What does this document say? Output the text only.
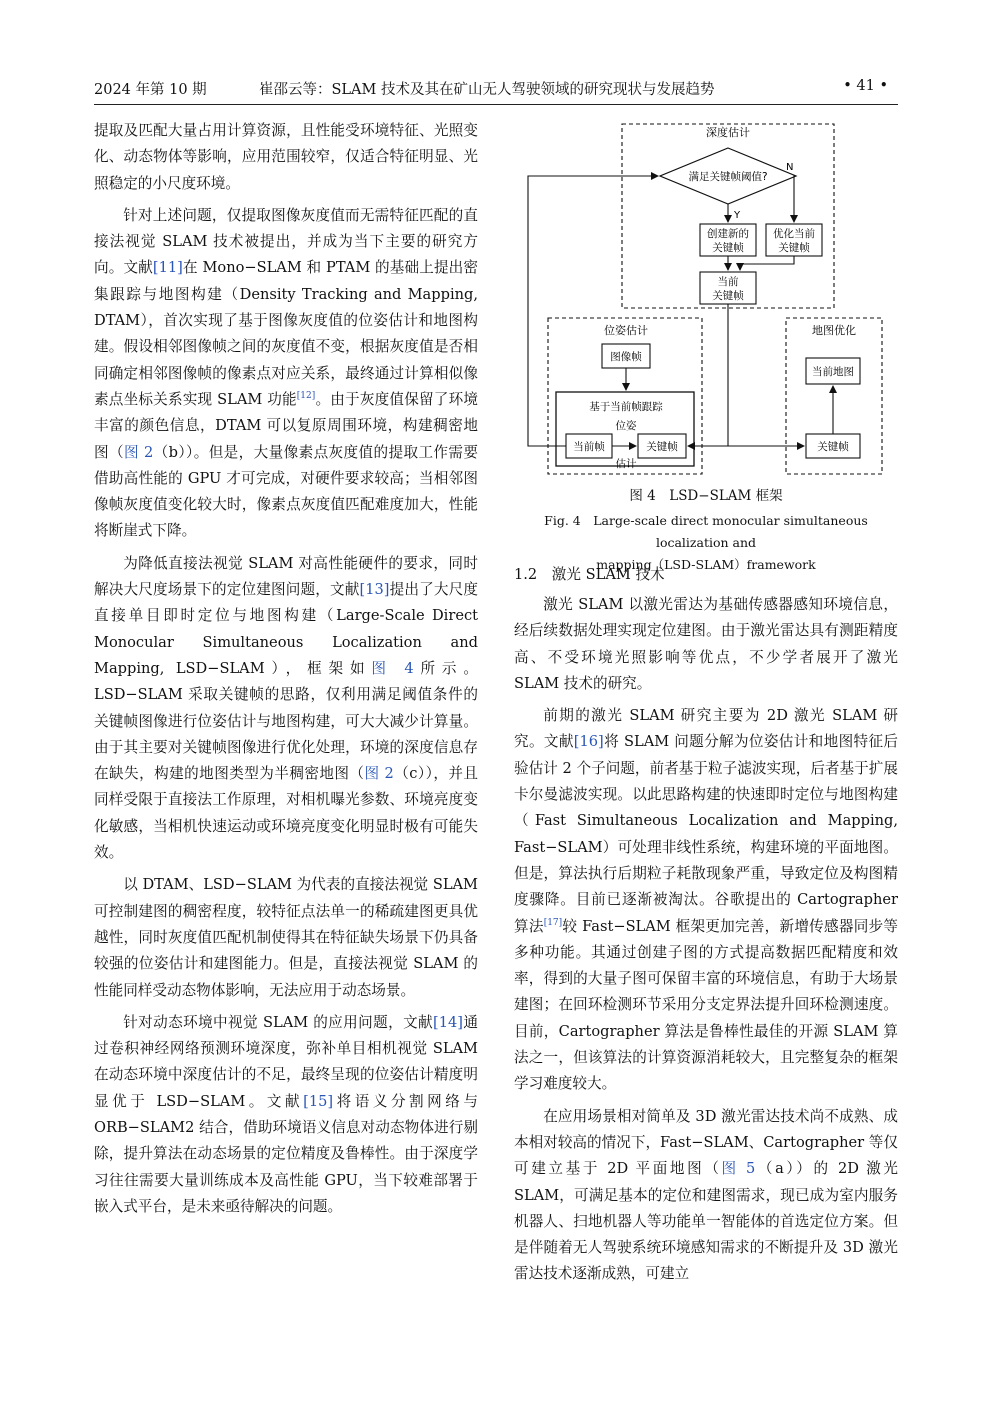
2024 年第 10 期	崔邵云等：SLAM 技术及其在矿山无人驾驶领域的研究现状与发展趋势	• 41 •

提取及匹配大量占用计算资源，且性能受环境特征、光照变化、动态物体等影响，应用范围较窄，仅适合特征明显、光照稳定的小尺度环境。

针对上述问题，仅提取图像灰度值而无需特征匹配的直接法视觉 SLAM 技术被提出，并成为当下主要的研究方向。文献[11]在 Mono−SLAM 和 PTAM 的基础上提出密集跟踪与地图构建（Density Tracking and Mapping, DTAM），首次实现了基于图像灰度值的位姿估计和地图构建。假设相邻图像帧之间的灰度值不变，根据灰度值是否相同确定相邻图像帧的像素点对应关系，最终通过计算相似像素点坐标关系实现 SLAM 功能[12]。由于灰度值保留了环境丰富的颜色信息，DTAM 可以复原周围环境，构建稠密地图（图 2（b））。但是，大量像素点灰度值的提取工作需要借助高性能的 GPU 才可完成，对硬件要求较高；当相邻图像帧灰度值变化较大时，像素点灰度值匹配难度加大，性能将断崖式下降。

为降低直接法视觉 SLAM 对高性能硬件的要求，同时解决大尺度场景下的定位建图问题，文献[13]提出了大尺度直接单目即时定位与地图构建（Large-Scale Direct Monocular Simultaneous Localization and Mapping, LSD−SLAM），框架如图 4所示。LSD−SLAM 采取关键帧的思路，仅利用满足阈值条件的关键帧图像进行位姿估计与地图构建，可大大减少计算量。由于其主要对关键帧图像进行优化处理，环境的深度信息存在缺失，构建的地图类型为半稠密地图（图 2（c）），并且同样受限于直接法工作原理，对相机曝光参数、环境亮度变化敏感，当相机快速运动或环境亮度变化明显时极有可能失效。

以 DTAM、LSD−SLAM 为代表的直接法视觉 SLAM 可控制建图的稠密程度，较特征点法单一的稀疏建图更具优越性，同时灰度值匹配机制使得其在特征缺失场景下仍具备较强的位姿估计和建图能力。但是，直接法视觉 SLAM 的性能同样受动态物体影响，无法应用于动态场景。

针对动态环境中视觉 SLAM 的应用问题，文献[14]通过卷积神经网络预测环境深度，弥补单目相机视觉 SLAM 在动态环境中深度估计的不足，最终呈现的位姿估计精度明显优于 LSD−SLAM。文献[15]将语义分割网络与 ORB−SLAM2 结合，借助环境语义信息对动态物体进行剔除，提升算法在动态场景的定位精度及鲁棒性。由于深度学习往往需要大量训练成本及高性能 GPU，当下较难部署于嵌入式平台，是未来亟待解决的问题。

深度估计
位姿估计	地图优化
满足关键帧阈值?
N
Y
创建新的
关键帧
优化当前
关键帧
当前
关键帧
图像帧
基于当前帧跟踪
位姿
估计
当前帧	关键帧
当前地图
关键帧
图 4　LSD−SLAM 框架
Fig. 4　Large-scale direct monocular simultaneous localization and
mapping（LSD-SLAM）framework
1.2　激光 SLAM 技术

激光 SLAM 以激光雷达为基础传感器感知环境信息，经后续数据处理实现定位建图。由于激光雷达具有测距精度高、不受环境光照影响等优点，不少学者展开了激光 SLAM 技术的研究。

前期的激光 SLAM 研究主要为 2D 激光 SLAM 研究。文献[16]将 SLAM 问题分解为位姿估计和地图特征后验估计 2 个子问题，前者基于粒子滤波实现，后者基于扩展卡尔曼滤波实现。以此思路构建的快速即时定位与地图构建（Fast Simultaneous Localization and Mapping, Fast−SLAM）可处理非线性系统，构建环境的平面地图。但是，算法执行后期粒子耗散现象严重，导致定位及构图精度骤降。目前已逐渐被淘汰。谷歌提出的 Cartographer 算法[17]较 Fast−SLAM 框架更加完善，新增传感器同步等多种功能。其通过创建子图的方式提高数据匹配精度和效率，得到的大量子图可保留丰富的环境信息，有助于大场景建图；在回环检测环节采用分支定界法提升回环检测速度。目前，Cartographer 算法是鲁棒性最佳的开源 SLAM 算法之一，但该算法的计算资源消耗较大，且完整复杂的框架学习难度较大。

在应用场景相对简单及 3D 激光雷达技术尚不成熟、成本相对较高的情况下，Fast−SLAM、Cartographer 等仅可建立基于 2D 平面地图（图 5（a））的 2D 激光 SLAM，可满足基本的定位和建图需求，现已成为室内服务机器人、扫地机器人等功能单一智能体的首选定位方案。但是伴随着无人驾驶系统环境感知需求的不断提升及 3D 激光雷达技术逐渐成熟，可建立
